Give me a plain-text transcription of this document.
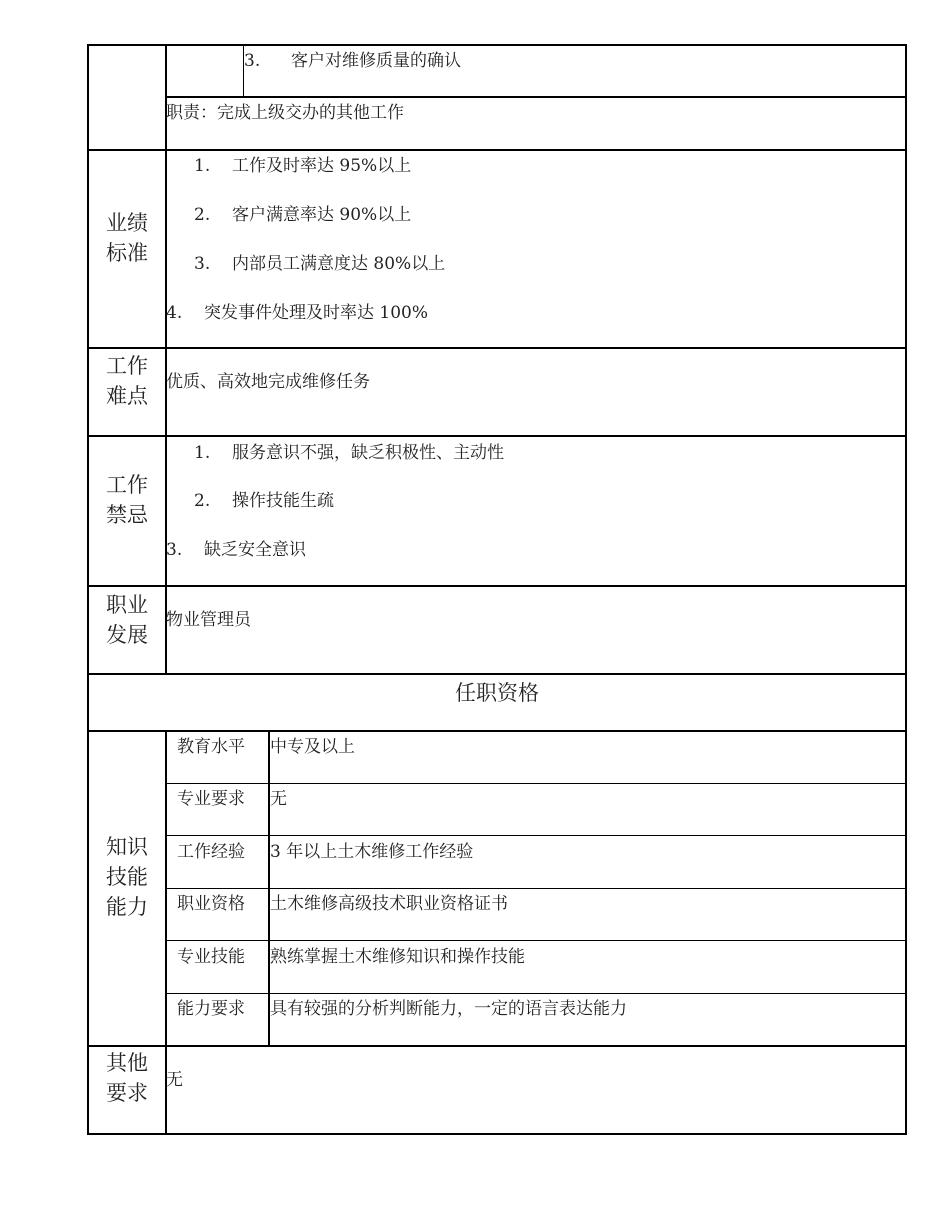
3. 客户对维修质量的确认
职责：完成上级交办的其他工作
业绩
标准
1. 工作及时率达 95%以上
2. 客户满意率达 90%以上
3. 内部员工满意度达 80%以上
4. 突发事件处理及时率达 100%
工作
难点
优质、高效地完成维修任务
工作
禁忌
1. 服务意识不强，缺乏积极性、主动性
2. 操作技能生疏
3. 缺乏安全意识
职业
发展
物业管理员
任职资格
知识
技能
能力
教育水平 中专及以上
专业要求 无
工作经验 3 年以上土木维修工作经验
职业资格 土木维修高级技术职业资格证书
专业技能 熟练掌握土木维修知识和操作技能
能力要求 具有较强的分析判断能力，一定的语言表达能力
其他
要求
无
